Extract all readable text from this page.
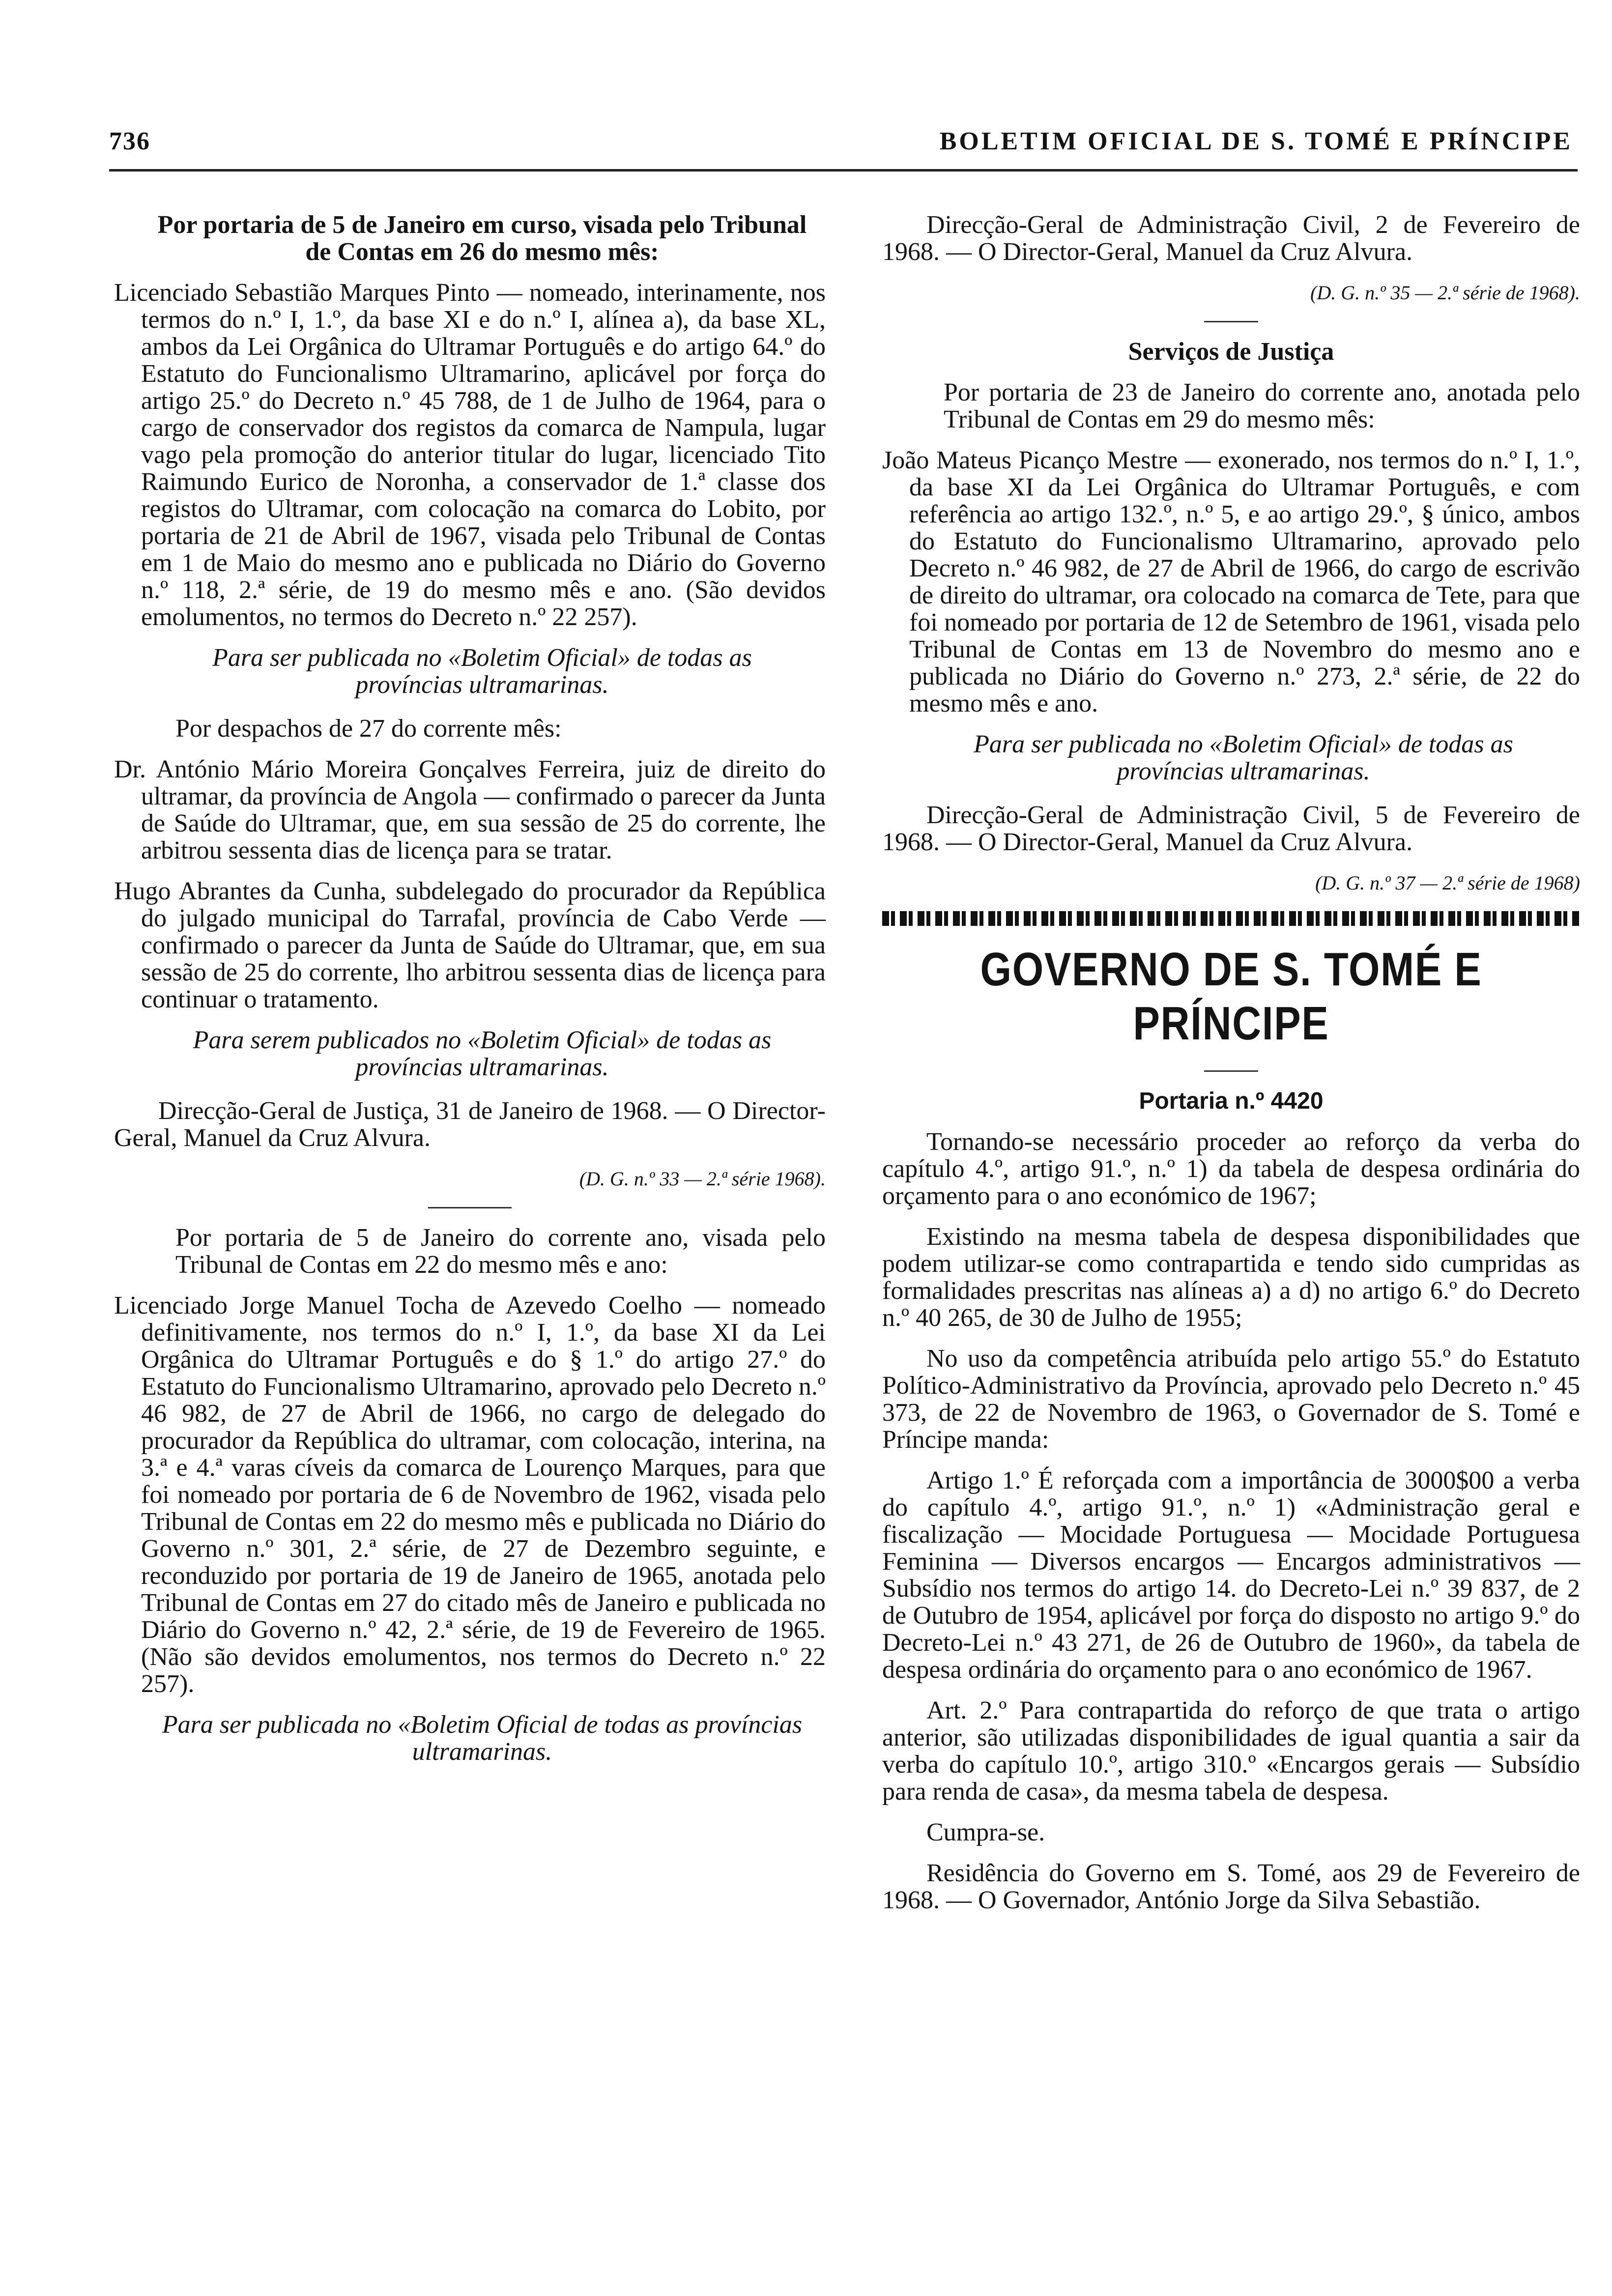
736	BOLETIM OFICIAL DE S. TOMÉ E PRÍNCIPE

Por portaria de 5 de Janeiro em curso, visada pelo Tribunal de Contas em 26 do mesmo mês:

Licenciado Sebastião Marques Pinto — nomeado, interinamente, nos termos do n.º I, 1.º, da base XI e do n.º I, alínea a), da base XL, ambos da Lei Orgânica do Ultramar Português e do artigo 64.º do Estatuto do Funcionalismo Ultramarino, aplicável por força do artigo 25.º do Decreto n.º 45 788, de 1 de Julho de 1964, para o cargo de conservador dos registos da comarca de Nampula, lugar vago pela promoção do anterior titular do lugar, licenciado Tito Raimundo Eurico de Noronha, a conservador de 1.ª classe dos registos do Ultramar, com colocação na comarca do Lobito, por portaria de 21 de Abril de 1967, visada pelo Tribunal de Contas em 1 de Maio do mesmo ano e publicada no Diário do Governo n.º 118, 2.ª série, de 19 do mesmo mês e ano. (São devidos emolumentos, no termos do Decreto n.º 22 257).

Para ser publicada no «Boletim Oficial» de todas as províncias ultramarinas.

Por despachos de 27 do corrente mês:

Dr. António Mário Moreira Gonçalves Ferreira, juiz de direito do ultramar, da província de Angola — confirmado o parecer da Junta de Saúde do Ultramar, que, em sua sessão de 25 do corrente, lhe arbitrou sessenta dias de licença para se tratar.

Hugo Abrantes da Cunha, subdelegado do procurador da República do julgado municipal do Tarrafal, província de Cabo Verde — confirmado o parecer da Junta de Saúde do Ultramar, que, em sua sessão de 25 do corrente, lho arbitrou sessenta dias de licença para continuar o tratamento.

Para serem publicados no «Boletim Oficial» de todas as províncias ultramarinas.

Direcção-Geral de Justiça, 31 de Janeiro de 1968. — O Director-Geral, Manuel da Cruz Alvura.

(D. G. n.º 33 — 2.ª série 1968).

Por portaria de 5 de Janeiro do corrente ano, visada pelo Tribunal de Contas em 22 do mesmo mês e ano:

Licenciado Jorge Manuel Tocha de Azevedo Coelho — nomeado definitivamente, nos termos do n.º I, 1.º, da base XI da Lei Orgânica do Ultramar Português e do § 1.º do artigo 27.º do Estatuto do Funcionalismo Ultramarino, aprovado pelo Decreto n.º 46 982, de 27 de Abril de 1966, no cargo de delegado do procurador da República do ultramar, com colocação, interina, na 3.ª e 4.ª varas cíveis da comarca de Lourenço Marques, para que foi nomeado por portaria de 6 de Novembro de 1962, visada pelo Tribunal de Contas em 22 do mesmo mês e publicada no Diário do Governo n.º 301, 2.ª série, de 27 de Dezembro seguinte, e reconduzido por portaria de 19 de Janeiro de 1965, anotada pelo Tribunal de Contas em 27 do citado mês de Janeiro e publicada no Diário do Governo n.º 42, 2.ª série, de 19 de Fevereiro de 1965. (Não são devidos emolumentos, nos termos do Decreto n.º 22 257).

Para ser publicada no «Boletim Oficial de todas as províncias ultramarinas.

Direcção-Geral de Administração Civil, 2 de Fevereiro de 1968. — O Director-Geral, Manuel da Cruz Alvura.

(D. G. n.º 35 — 2.ª série de 1968).

Serviços de Justiça

Por portaria de 23 de Janeiro do corrente ano, anotada pelo Tribunal de Contas em 29 do mesmo mês:

João Mateus Picanço Mestre — exonerado, nos termos do n.º I, 1.º, da base XI da Lei Orgânica do Ultramar Português, e com referência ao artigo 132.º, n.º 5, e ao artigo 29.º, § único, ambos do Estatuto do Funcionalismo Ultramarino, aprovado pelo Decreto n.º 46 982, de 27 de Abril de 1966, do cargo de escrivão de direito do ultramar, ora colocado na comarca de Tete, para que foi nomeado por portaria de 12 de Setembro de 1961, visada pelo Tribunal de Contas em 13 de Novembro do mesmo ano e publicada no Diário do Governo n.º 273, 2.ª série, de 22 do mesmo mês e ano.

Para ser publicada no «Boletim Oficial» de todas as províncias ultramarinas.

Direcção-Geral de Administração Civil, 5 de Fevereiro de 1968. — O Director-Geral, Manuel da Cruz Alvura.

(D. G. n.º 37 — 2.ª série de 1968)

GOVERNO DE S. TOMÉ E PRÍNCIPE
Portaria n.º 4420

Tornando-se necessário proceder ao reforço da verba do capítulo 4.º, artigo 91.º, n.º 1) da tabela de despesa ordinária do orçamento para o ano económico de 1967;

Existindo na mesma tabela de despesa disponibilidades que podem utilizar-se como contrapartida e tendo sido cumpridas as formalidades prescritas nas alíneas a) a d) no artigo 6.º do Decreto n.º 40 265, de 30 de Julho de 1955;

No uso da competência atribuída pelo artigo 55.º do Estatuto Político-Administrativo da Província, aprovado pelo Decreto n.º 45 373, de 22 de Novembro de 1963, o Governador de S. Tomé e Príncipe manda:

Artigo 1.º É reforçada com a importância de 3000$00 a verba do capítulo 4.º, artigo 91.º, n.º 1) «Administração geral e fiscalização — Mocidade Portuguesa — Mocidade Portuguesa Feminina — Diversos encargos — Encargos administrativos — Subsídio nos termos do artigo 14. do Decreto-Lei n.º 39 837, de 2 de Outubro de 1954, aplicável por força do disposto no artigo 9.º do Decreto-Lei n.º 43 271, de 26 de Outubro de 1960», da tabela de despesa ordinária do orçamento para o ano económico de 1967.

Art. 2.º Para contrapartida do reforço de que trata o artigo anterior, são utilizadas disponibilidades de igual quantia a sair da verba do capítulo 10.º, artigo 310.º «Encargos gerais — Subsídio para renda de casa», da mesma tabela de despesa.

Cumpra-se.

Residência do Governo em S. Tomé, aos 29 de Fevereiro de 1968. — O Governador, António Jorge da Silva Sebastião.
